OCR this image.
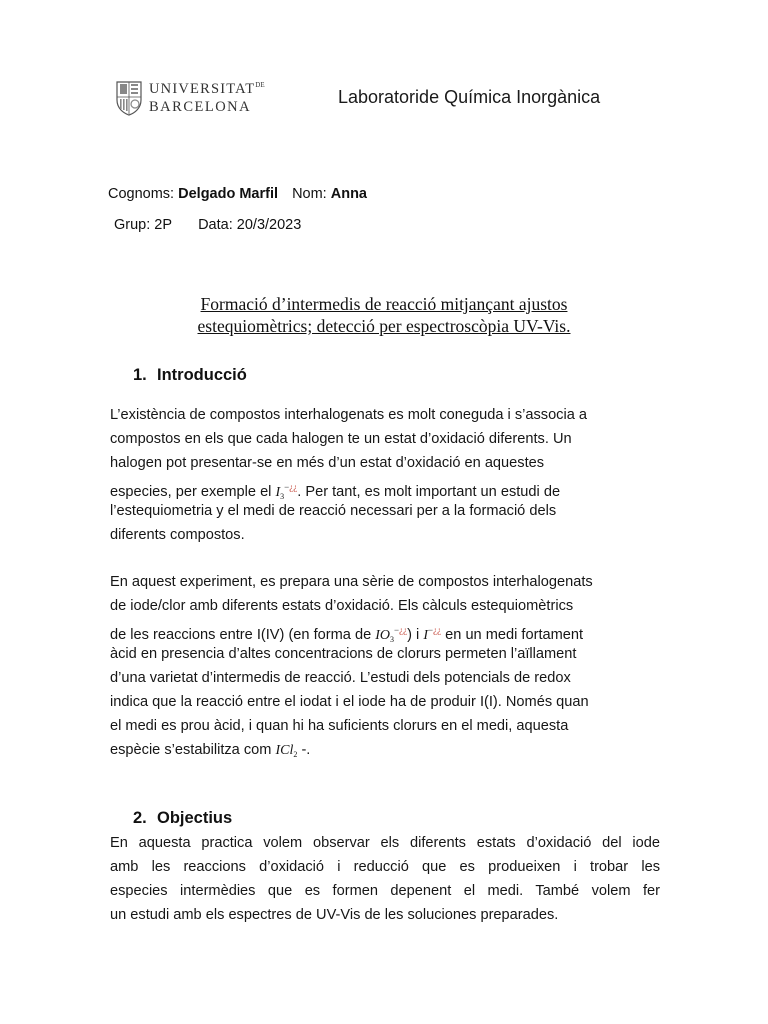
$UNIVERSITAT^{DE}$
BARCELONA	Laboratoride Química Inorgànica
Cognoms: Delgado Marfil Nom: Anna
Grup: 2P Data: 20/3/2023
Formació d’intermedis de reacció mitjançant ajustos
estequiomètrics; detecció per espectroscòpia UV-Vis.
1. Introducció
L’existència de compostos interhalogenats es molt coneguda i s’associa a
compostos en els que cada halogen te un estat d’oxidació diferents. Un
halogen pot presentar-se en més d’un estat d’oxidació en aquestes
especies, per exemple el $I_3^{-¿¿}$. Per tant, es molt important un estudi de
l’estequiometria y el medi de reacció necessari per a la formació dels
diferents compostos.
En aquest experiment, es prepara una sèrie de compostos interhalogenats
de iode/clor amb diferents estats d’oxidació. Els càlculs estequiomètrics
de les reaccions entre I(IV) (en forma de $IO_3^{-¿¿}$) i I−¿¿ en un medi fortament
àcid en presencia d’altes concentracions de clorurs permeten l’aïllament
d’una varietat d’intermedis de reacció. L’estudi dels potencials de redox
indica que la reacció entre el iodat i el iode ha de produir I(I). Només quan
el medi es prou àcid, i quan hi ha suficients clorurs en el medi, aquesta
espècie s’estabilitza com ICl$_2$ -.
2. Objectius
En aquesta practica volem observar els diferents estats d’oxidació del iode
amb les reaccions d’oxidació i reducció que es produeixen i trobar les
especies intermèdies que es formen depenent el medi. També volem fer
un estudi amb els espectres de UV-Vis de les soluciones preparades.
